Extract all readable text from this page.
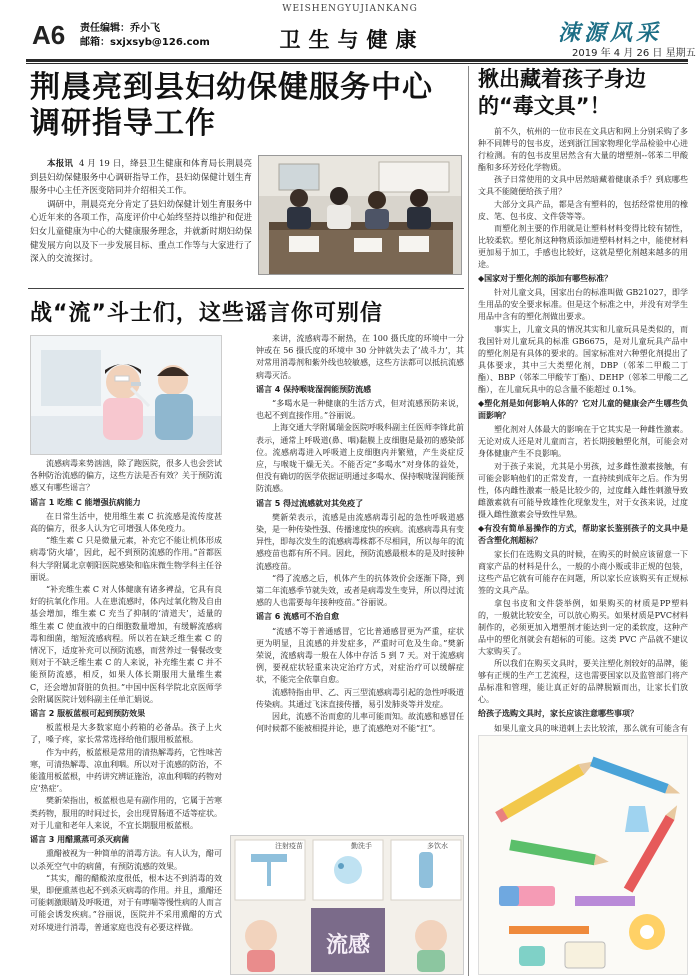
A6 责任编辑：乔小飞
邮箱：sxjxsyb@126.com
WEISHENGYUJIANKANG
卫生与健康	涑源风采
2019 年 4 月 26 日 星期五
荆晨亮到县妇幼保健服务中心调研指导工作

本报讯 4 月 19 日，绛县卫生健康和体育局长荆晨亮到县妇幼保健服务中心调研指导工作，县妇幼保健计划生育服务中心主任齐医变陪同并介绍相关工作。

调研中，荆晨亮充分肯定了县妇幼保健计划生育服务中心近年来的各项工作，高度评价中心始终坚持以维护和促进妇女儿童健康为中心的大健康服务理念，并就新时期妇幼保健发展方向以及下一步发展目标、重点工作等与大家进行了深入的交流探讨。

战“流”斗士们，这些谣言你可别信

流感病毒来势汹汹，除了跑医院，很多人也会尝试各种防治流感的偏方，这些方法是否有效？关于预防流感又有哪些谣言？

谣言 1 吃维 C 能增强抗病能力

在日常生活中，使用维生素 C 抗流感是流传度甚高的偏方，很多人认为它可增强人体免疫力。

“维生素 C 只是微量元素，补充它不能让机体形成病毒‘防火墙’，因此，起不到预防流感的作用。”首都医科大学附属北京朝阳医院感染和临床微生物学科主任谷丽说。

“补充维生素 C 对人体健康有诸多裨益，它具有良好的抗氧化作用。人在患流感时，体内过氧化物及自由基会增加，维生素 C 充当了抑制的‘清道夫’，适量的维生素 C 使血液中的白细胞数量增加，有缓解流感病毒和细菌，缩短流感病程。所以若在缺乏维生素 C 的情况下，适度补充可以预防流感，而营养过一餐餐改变则对于不缺乏维生素 C 的人来说，补充维生素 C 并不能预防流感，相反，如果人体长期服用大量维生素 C，还会增加肾脏的负担。”中国中医科学院北京医师学会附属医院计划科副主任单汇娟说。

谣言 2 服板蓝根可起到预防效果

板蓝根是大多数家庭小药箱的必备品。孩子上火了，嗓子疼，家长常常选择给他们服用板蓝根。

作为中药，板蓝根是常用的清热解毒药，它性味苦寒，可清热解毒、凉血利咽。所以对于流感的防治，不能滥用板蓝根，中药讲究辨证施治，凉血利咽的药物对应‘热症’。

樊新荣指出，板蓝根也是有副作用的，它属于苦寒类药物，服用的时间过长，会出现胃肠道不适等症状。对于儿童和老年人来说，不宜长期服用板蓝根。

谣言 3 用醋熏蒸可杀灭病菌

熏醋被视为一种简单的消毒方法。有人认为，醋可以杀死空气中的病菌，有预防流感的效果。

“其实，醋的醋酸浓度很低，根本达不到消毒的效果，即便熏蒸也起不到杀灭病毒的作用。并且，熏醋还可能刺激眼睛及呼吸道，对于有哮喘等慢性病的人而言可能会诱发疾病。”谷丽说，医院并不采用熏醋的方式对环境进行消毒，普通家庭也没有必要这样做。

来讲，流感病毒不耐热，在 100 摄氏度的环境中一分钟或在 56 摄氏度的环境中 30 分钟就失去了‘战斗力’，其对常用消毒剂和紫外线也较敏感，这些方法都可以抵抗流感病毒灭活。

谣言 4 保持喉咙湿润能预防流感

“多喝水是一种健康的生活方式，但对流感预防来说，也起不到直接作用。”谷丽说。

上海交通大学附属瑞金医院呼吸科副主任医师李锋此前表示，通常上呼吸道(鼻、咽)黏膜上皮细胞是最初的感染部位。流感病毒进入呼吸道上皮细胞内并繁殖，产生炎症反应，与喉咙干燥无关。不能否定“多喝水”对身体的益处，但没有确切的医学依据证明通过多喝水、保持喉咙湿润能预防流感。

谣言 5 得过流感就对其免疫了

樊新荣表示，流感是由流感病毒引起的急性呼吸道感染，是一种传染性强、传播速度快的疾病。流感病毒具有变异性，即每次发生的流感病毒株都不尽相同，所以每年的流感疫苗也都有所不同。因此，预防流感最根本的是及时接种流感疫苗。

“得了流感之后，机体产生的抗体效价会逐渐下降，到第二年流感季节就失效，或者是病毒发生变异，所以得过流感的人也需要每年接种疫苗。”谷丽说。

谣言 6 流感可不治自愈

“流感不等于普通感冒，它比普通感冒更为严重，症状更为明显，且流感的并发症多，严重时可危及生命。”樊新荣说，流感病毒一般在人体中存活 5 到 7 天。对于流感病例，要视症状轻重来决定治疗方式，对症治疗可以缓解症状，不能完全依靠自愈。

流感特指由甲、乙、丙三型流感病毒引起的急性呼吸道传染病。其通过飞沫直接传播，易引发肺炎等并发症。

因此，流感不治而愈的儿率可能而知。故流感和感冒任何时候都不能被相提并论，患了流感绝对不能“扛”。

流感
注射疫苗	勤洗手	多饮水
揪出藏着孩子身边的“毒文具”！

前不久，杭州的一位市民在文具店和网上分别采购了多种不同牌号的包书皮，送到浙江国家物理化学品检验中心进行检测。有的包书皮里居然含有大量的增塑剂--邻苯二甲酸酯和多环芳烃化学物质。

孩子日常使用的文具中居然暗藏着健康杀手？到底哪些文具不能随便给孩子用？

大部分文具产品，都是含有塑料的，包括经常使用的橡皮、笔、包书皮、文件袋等等。

而塑化剂主要的作用就是让塑料材料变得比较有韧性，比较柔软。塑化剂这种物质添加进塑料材料之中，能使材料更加易于加工，手感也比较好，这就是塑化剂越来越多的用途。

◆国家对于塑化剂的添加有哪些标准？

针对儿童文具，国家出台的标准叫做 GB21027，即学生用品的安全要求标准。但是这个标准之中，并没有对学生用品中含有的塑化剂做出要求。

事实上，儿童文具的情况其实和儿童玩具是类似的，而我国针对儿童玩具的标准 GB6675，是对儿童玩具产品中的塑化剂是有具体的要求的。国家标准对六种塑化剂提出了具体要求，其中三大类塑化剂，DBP（邻苯二甲酸二丁酯）、BBP（邻苯二甲酸苄丁酯）、DEHP（邻苯二甲酸二乙酯），在儿童玩具中的总含量不能超过 0.1%。

◆塑化剂是如何影响人体的？它对儿童的健康会产生哪些负面影响？

塑化剂对人体最大的影响在于它其实是一种雌性激素。无论对成人还是对儿童而言，若长期接触塑化剂，可能会对身体健康产生不良影响。

对于孩子来说，尤其是小男孩，过多雌性激素接触，有可能会影响他们的正常发育，一直持续到成年之后。作为男性，体内雌性激素一般是比较少的，过度雌入雌性刺激导致雌激素就有可能导致雄性化现象发生，对于女孩来说，过度摄入雌性激素会导致性早熟。

◆有没有简单易操作的方式，帮助家长鉴别孩子的文具中是否含塑化剂超标？

家长们在选购文具的时候，在购买的时候应该留意一下商家产品的材料是什么，一般的小商小贩或非正规的包装，这些产品它就有可能存在问题，所以家长应该购买有正规标签的文具产品。

拿包书皮和文件袋举例，如果购买的材质是PP塑料的，一般就比较安全，可以放心购买。如果材质是PVC材料制作的，必须更加入增塑剂才能达到一定的柔软度，这种产品中的塑化剂就会有超标的可能。这类 PVC 产品就不建议大家购买了。

所以我们在购买文具时，要关注塑化剂较好的品牌，能够有正规的生产工艺流程，这也需要国家以及监管部门将产品标准和管理，能让真正好的品牌脱颖而出，让家长们放心。

给孩子选购文具时，家长应该注意哪些事项？

如果儿童文具的味道刺上去比较浓，那么就有可能含有
